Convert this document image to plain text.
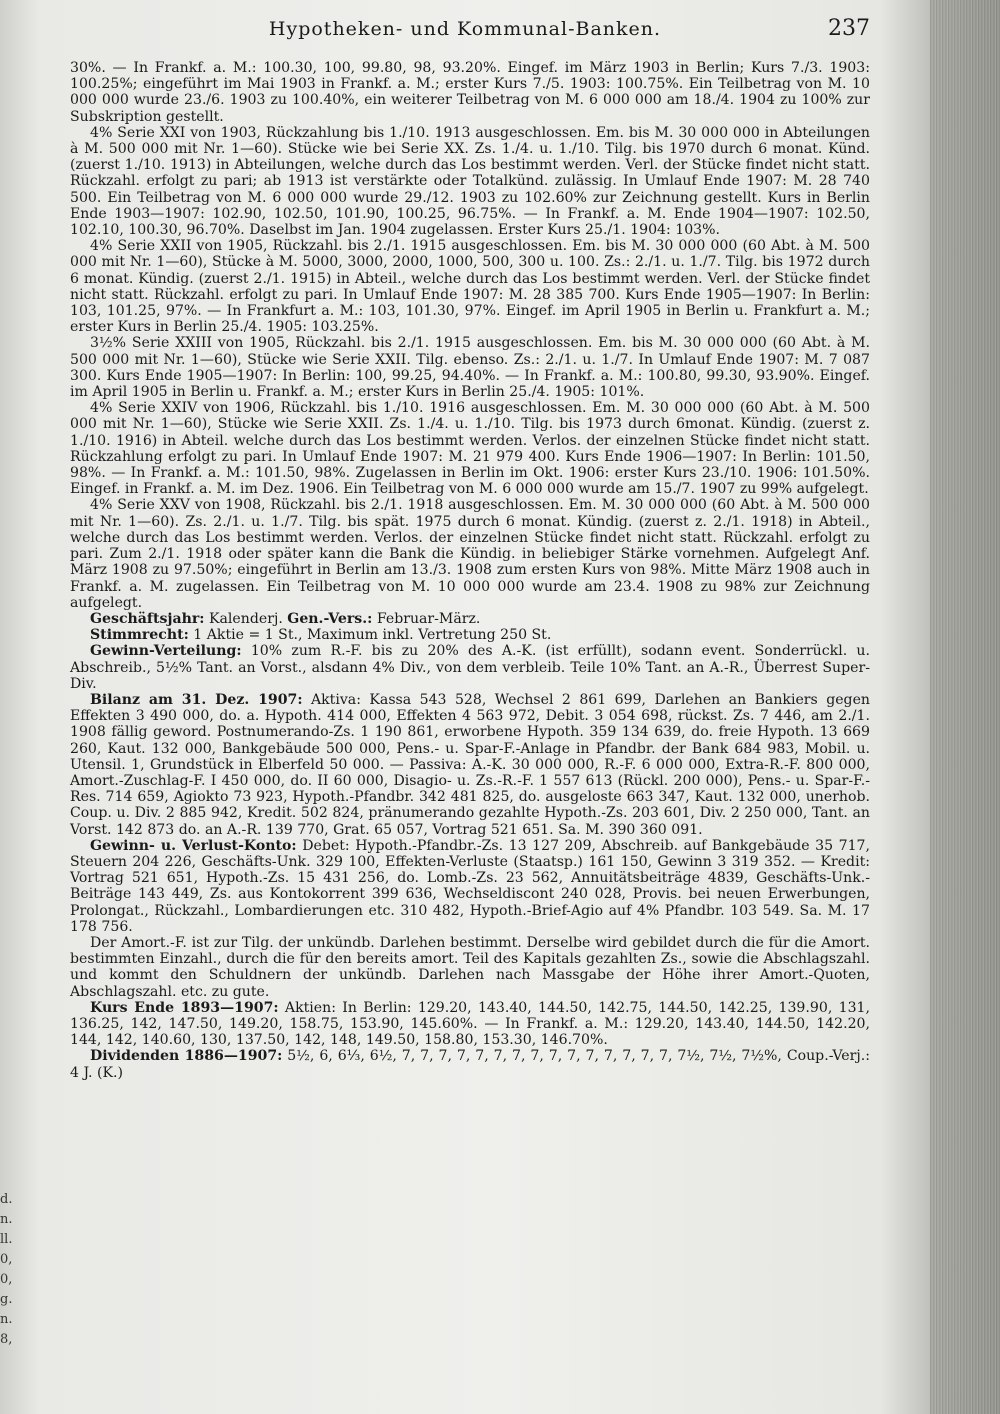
Hypotheken- und Kommunal-Banken.	237
d.
n.
ll.
0,
0,
g.
n.
8,

30%. — In Frankf. a. M.: 100.30, 100, 99.80, 98, 93.20%. Eingef. im März 1903 in Berlin; Kurs 7./3. 1903: 100.25%; eingeführt im Mai 1903 in Frankf. a. M.; erster Kurs 7./5. 1903: 100.75%. Ein Teilbetrag von M. 10 000 000 wurde 23./6. 1903 zu 100.40%, ein weiterer Teilbetrag von M. 6 000 000 am 18./4. 1904 zu 100% zur Subskription gestellt.

4% Serie XXI von 1903, Rückzahlung bis 1./10. 1913 ausgeschlossen. Em. bis M. 30 000 000 in Abteilungen à M. 500 000 mit Nr. 1—60). Stücke wie bei Serie XX. Zs. 1./4. u. 1./10. Tilg. bis 1970 durch 6 monat. Künd. (zuerst 1./10. 1913) in Abteilungen, welche durch das Los bestimmt werden. Verl. der Stücke findet nicht statt. Rückzahl. erfolgt zu pari; ab 1913 ist verstärkte oder Totalkünd. zulässig. In Umlauf Ende 1907: M. 28 740 500. Ein Teilbetrag von M. 6 000 000 wurde 29./12. 1903 zu 102.60% zur Zeichnung gestellt. Kurs in Berlin Ende 1903—1907: 102.90, 102.50, 101.90, 100.25, 96.75%. — In Frankf. a. M. Ende 1904—1907: 102.50, 102.10, 100.30, 96.70%. Daselbst im Jan. 1904 zugelassen. Erster Kurs 25./1. 1904: 103%.

4% Serie XXII von 1905, Rückzahl. bis 2./1. 1915 ausgeschlossen. Em. bis M. 30 000 000 (60 Abt. à M. 500 000 mit Nr. 1—60), Stücke à M. 5000, 3000, 2000, 1000, 500, 300 u. 100. Zs.: 2./1. u. 1./7. Tilg. bis 1972 durch 6 monat. Kündig. (zuerst 2./1. 1915) in Abteil., welche durch das Los bestimmt werden. Verl. der Stücke findet nicht statt. Rückzahl. erfolgt zu pari. In Umlauf Ende 1907: M. 28 385 700. Kurs Ende 1905—1907: In Berlin: 103, 101.25, 97%. — In Frankfurt a. M.: 103, 101.30, 97%. Eingef. im April 1905 in Berlin u. Frankfurt a. M.; erster Kurs in Berlin 25./4. 1905: 103.25%.

3½% Serie XXIII von 1905, Rückzahl. bis 2./1. 1915 ausgeschlossen. Em. bis M. 30 000 000 (60 Abt. à M. 500 000 mit Nr. 1—60), Stücke wie Serie XXII. Tilg. ebenso. Zs.: 2./1. u. 1./7. In Umlauf Ende 1907: M. 7 087 300. Kurs Ende 1905—1907: In Berlin: 100, 99.25, 94.40%. — In Frankf. a. M.: 100.80, 99.30, 93.90%. Eingef. im April 1905 in Berlin u. Frankf. a. M.; erster Kurs in Berlin 25./4. 1905: 101%.

4% Serie XXIV von 1906, Rückzahl. bis 1./10. 1916 ausgeschlossen. Em. M. 30 000 000 (60 Abt. à M. 500 000 mit Nr. 1—60), Stücke wie Serie XXII. Zs. 1./4. u. 1./10. Tilg. bis 1973 durch 6monat. Kündig. (zuerst z. 1./10. 1916) in Abteil. welche durch das Los bestimmt werden. Verlos. der einzelnen Stücke findet nicht statt. Rückzahlung erfolgt zu pari. In Umlauf Ende 1907: M. 21 979 400. Kurs Ende 1906—1907: In Berlin: 101.50, 98%. — In Frankf. a. M.: 101.50, 98%. Zugelassen in Berlin im Okt. 1906: erster Kurs 23./10. 1906: 101.50%. Eingef. in Frankf. a. M. im Dez. 1906. Ein Teilbetrag von M. 6 000 000 wurde am 15./7. 1907 zu 99% aufgelegt.

4% Serie XXV von 1908, Rückzahl. bis 2./1. 1918 ausgeschlossen. Em. M. 30 000 000 (60 Abt. à M. 500 000 mit Nr. 1—60). Zs. 2./1. u. 1./7. Tilg. bis spät. 1975 durch 6 monat. Kündig. (zuerst z. 2./1. 1918) in Abteil., welche durch das Los bestimmt werden. Verlos. der einzelnen Stücke findet nicht statt. Rückzahl. erfolgt zu pari. Zum 2./1. 1918 oder später kann die Bank die Kündig. in beliebiger Stärke vornehmen. Aufgelegt Anf. März 1908 zu 97.50%; eingeführt in Berlin am 13./3. 1908 zum ersten Kurs von 98%. Mitte März 1908 auch in Frankf. a. M. zugelassen. Ein Teilbetrag von M. 10 000 000 wurde am 23.4. 1908 zu 98% zur Zeichnung aufgelegt.

Geschäftsjahr: Kalenderj. Gen.-Vers.: Februar-März.

Stimmrecht: 1 Aktie = 1 St., Maximum inkl. Vertretung 250 St.

Gewinn-Verteilung: 10% zum R.-F. bis zu 20% des A.-K. (ist erfüllt), sodann event. Sonderrückl. u. Abschreib., 5½% Tant. an Vorst., alsdann 4% Div., von dem verbleib. Teile 10% Tant. an A.-R., Überrest Super-Div.

Bilanz am 31. Dez. 1907: Aktiva: Kassa 543 528, Wechsel 2 861 699, Darlehen an Bankiers gegen Effekten 3 490 000, do. a. Hypoth. 414 000, Effekten 4 563 972, Debit. 3 054 698, rückst. Zs. 7 446, am 2./1. 1908 fällig geword. Postnumerando-Zs. 1 190 861, erworbene Hypoth. 359 134 639, do. freie Hypoth. 13 669 260, Kaut. 132 000, Bankgebäude 500 000, Pens.- u. Spar-F.-Anlage in Pfandbr. der Bank 684 983, Mobil. u. Utensil. 1, Grundstück in Elberfeld 50 000. — Passiva: A.-K. 30 000 000, R.-F. 6 000 000, Extra-R.-F. 800 000, Amort.-Zuschlag-F. I 450 000, do. II 60 000, Disagio- u. Zs.-R.-F. 1 557 613 (Rückl. 200 000), Pens.- u. Spar-F.-Res. 714 659, Agiokto 73 923, Hypoth.-Pfandbr. 342 481 825, do. ausgeloste 663 347, Kaut. 132 000, unerhob. Coup. u. Div. 2 885 942, Kredit. 502 824, pränumerando gezahlte Hypoth.-Zs. 203 601, Div. 2 250 000, Tant. an Vorst. 142 873 do. an A.-R. 139 770, Grat. 65 057, Vortrag 521 651. Sa. M. 390 360 091.

Gewinn- u. Verlust-Konto: Debet: Hypoth.-Pfandbr.-Zs. 13 127 209, Abschreib. auf Bankgebäude 35 717, Steuern 204 226, Geschäfts-Unk. 329 100, Effekten-Verluste (Staatsp.) 161 150, Gewinn 3 319 352. — Kredit: Vortrag 521 651, Hypoth.-Zs. 15 431 256, do. Lomb.-Zs. 23 562, Annuitätsbeiträge 4839, Geschäfts-Unk.-Beiträge 143 449, Zs. aus Kontokorrent 399 636, Wechseldiscont 240 028, Provis. bei neuen Erwerbungen, Prolongat., Rückzahl., Lombardierungen etc. 310 482, Hypoth.-Brief-Agio auf 4% Pfandbr. 103 549. Sa. M. 17 178 756.

Der Amort.-F. ist zur Tilg. der unkündb. Darlehen bestimmt. Derselbe wird gebildet durch die für die Amort. bestimmten Einzahl., durch die für den bereits amort. Teil des Kapitals gezahlten Zs., sowie die Abschlagszahl. und kommt den Schuldnern der unkündb. Darlehen nach Massgabe der Höhe ihrer Amort.-Quoten, Abschlagszahl. etc. zu gute.

Kurs Ende 1893—1907: Aktien: In Berlin: 129.20, 143.40, 144.50, 142.75, 144.50, 142.25, 139.90, 131, 136.25, 142, 147.50, 149.20, 158.75, 153.90, 145.60%. — In Frankf. a. M.: 129.20, 143.40, 144.50, 142.20, 144, 142, 140.60, 130, 137.50, 142, 148, 149.50, 158.80, 153.30, 146.70%.

Dividenden 1886—1907: 5½, 6, 6⅓, 6½, 7, 7, 7, 7, 7, 7, 7, 7, 7, 7, 7, 7, 7, 7, 7, 7½, 7½, 7½%, Coup.-Verj.: 4 J. (K.)
